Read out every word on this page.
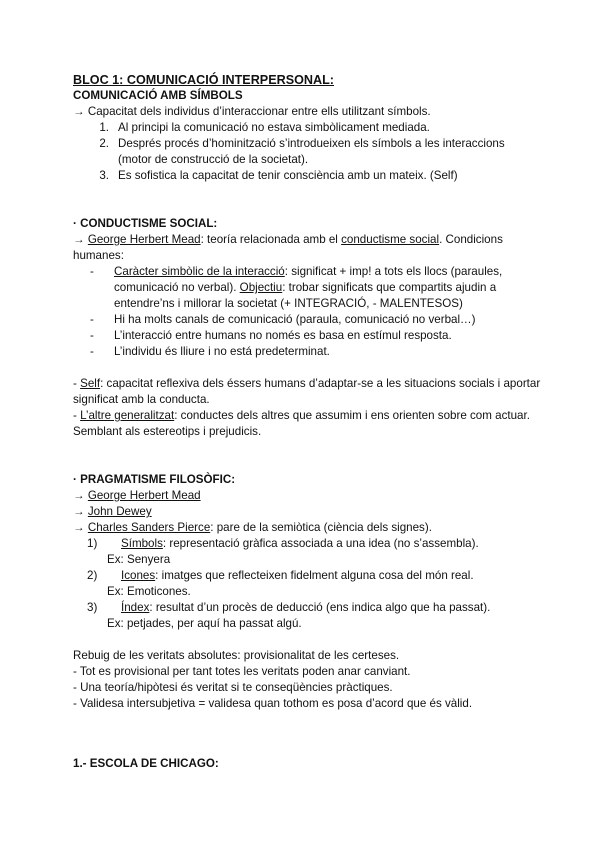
BLOC 1: COMUNICACIÓ INTERPERSONAL:
COMUNICACIÓ AMB SÍMBOLS
→ Capacitat dels individus d’interaccionar entre ells utilitzant símbols.
1. Al principi la comunicació no estava simbòlicament mediada.
2. Després procés d’hominització s’introdueixen els símbols a les interaccions (motor de construcció de la societat).
3. Es sofistica la capacitat de tenir consciència amb un mateix. (Self)
· CONDUCTISME SOCIAL:
→ George Herbert Mead: teoría relacionada amb el conductisme social. Condicions humanes:
-	Caràcter simbòlic de la interacció: significat + imp! a tots els llocs (paraules, comunicació no verbal). Objectiu: trobar significats que compartits ajudin a entendre’ns i millorar la societat (+ INTEGRACIÓ, - MALENTESOS)
-	Hi ha molts canals de comunicació (paraula, comunicació no verbal…)
-	L’interacció entre humans no només es basa en estímul resposta.
-	L’individu és lliure i no está predeterminat.
- Self: capacitat reflexiva dels éssers humans d’adaptar-se a les situacions socials i aportar significat amb la conducta.
- L’altre generalitzat: conductes dels altres que assumim i ens orienten sobre com actuar. Semblant als estereotips i prejudicis.
· PRAGMATISME FILOSÒFIC:
→ George Herbert Mead
→ John Dewey
→ Charles Sanders Pierce: pare de la semiòtica (ciència dels signes).
1)	Símbols: representació gràfica associada a una idea (no s’assembla).
Ex: Senyera
2)	Icones: imatges que reflecteixen fidelment alguna cosa del món real.
Ex: Emoticones.
3)	Índex: resultat d’un procès de deducció (ens indica algo que ha passat).
Ex: petjades, per aquí ha passat algú.
Rebuig de les veritats absolutes: provisionalitat de les certeses.
- Tot es provisional per tant totes les veritats poden anar canviant.
- Una teoría/hipòtesi és veritat si te conseqüències pràctiques.
- Validesa intersubjetiva = validesa quan tothom es posa d’acord que és vàlid.
1.- ESCOLA DE CHICAGO:
